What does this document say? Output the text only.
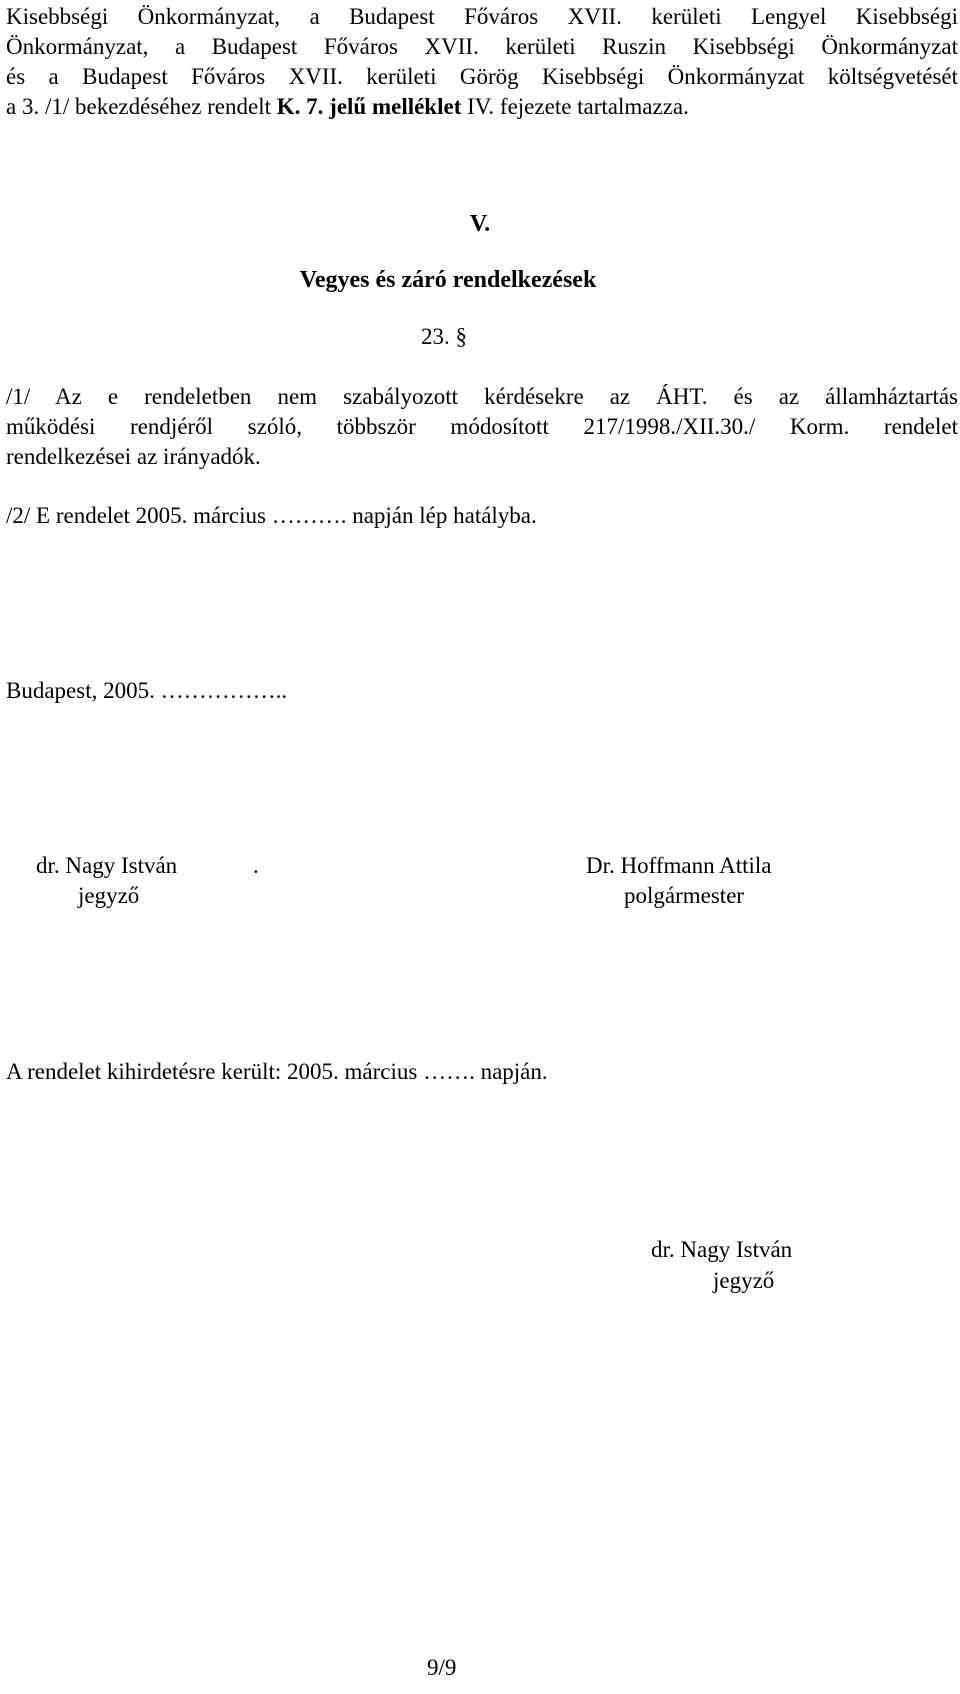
Kisebbségi Önkormányzat, a Budapest Főváros XVII. kerületi Lengyel Kisebbségi
Önkormányzat, a Budapest Főváros XVII. kerületi Ruszin Kisebbségi Önkormányzat
és a Budapest Főváros XVII. kerületi Görög Kisebbségi Önkormányzat költségvetését
a 3. /1/ bekezdéséhez rendelt K. 7. jelű melléklet IV. fejezete tartalmazza.
V.
Vegyes és záró rendelkezések
23. §
/1/ Az e rendeletben nem szabályozott kérdésekre az ÁHT. és az államháztartás
működési rendjéről szóló, többször módosított 217/1998./XII.30./ Korm. rendelet
rendelkezései az irányadók.
/2/ E rendelet 2005. március ………. napján lép hatályba.
Budapest, 2005. ……………..
dr. Nagy István	.
jegyző
Dr. Hoffmann Attila
polgármester
A rendelet kihirdetésre került: 2005. március ……. napján.
dr. Nagy István
jegyző
9/9
